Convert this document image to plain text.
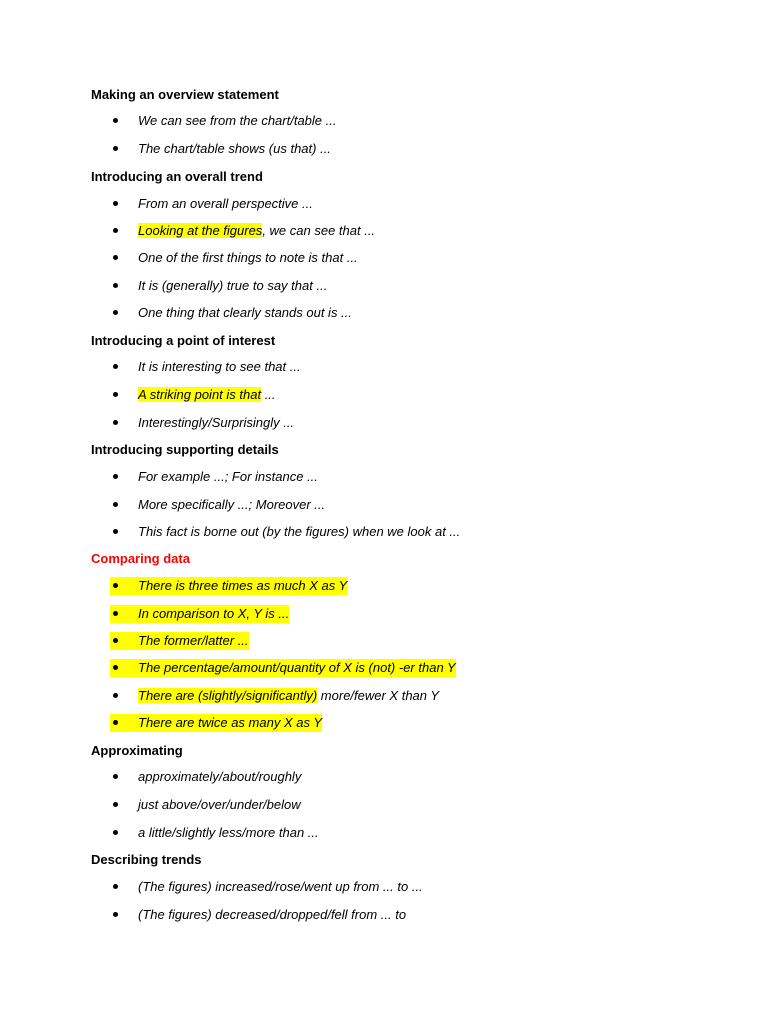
Making an overview statement
We can see from the chart/table ...
The chart/table shows (us that) ...
Introducing an overall trend
From an overall perspective ...
Looking at the figures, we can see that ...
One of the first things to note is that ...
It is (generally) true to say that ...
One thing that clearly stands out is ...
Introducing a point of interest
It is interesting to see that ...
A striking point is that ...
Interestingly/Surprisingly ...
Introducing supporting details
For example ...; For instance ...
More specifically ...; Moreover ...
This fact is borne out (by the figures) when we look at ...
Comparing data
There is three times as much X as Y
In comparison to X, Y is ...
The former/latter ...
The percentage/amount/quantity of X is (not) -er than Y
There are (slightly/significantly) more/fewer X than Y
There are twice as many X as Y
Approximating
approximately/about/roughly
just above/over/under/below
a little/slightly less/more than ...
Describing trends
(The figures) increased/rose/went up from ... to ...
(The figures) decreased/dropped/fell from ... to
